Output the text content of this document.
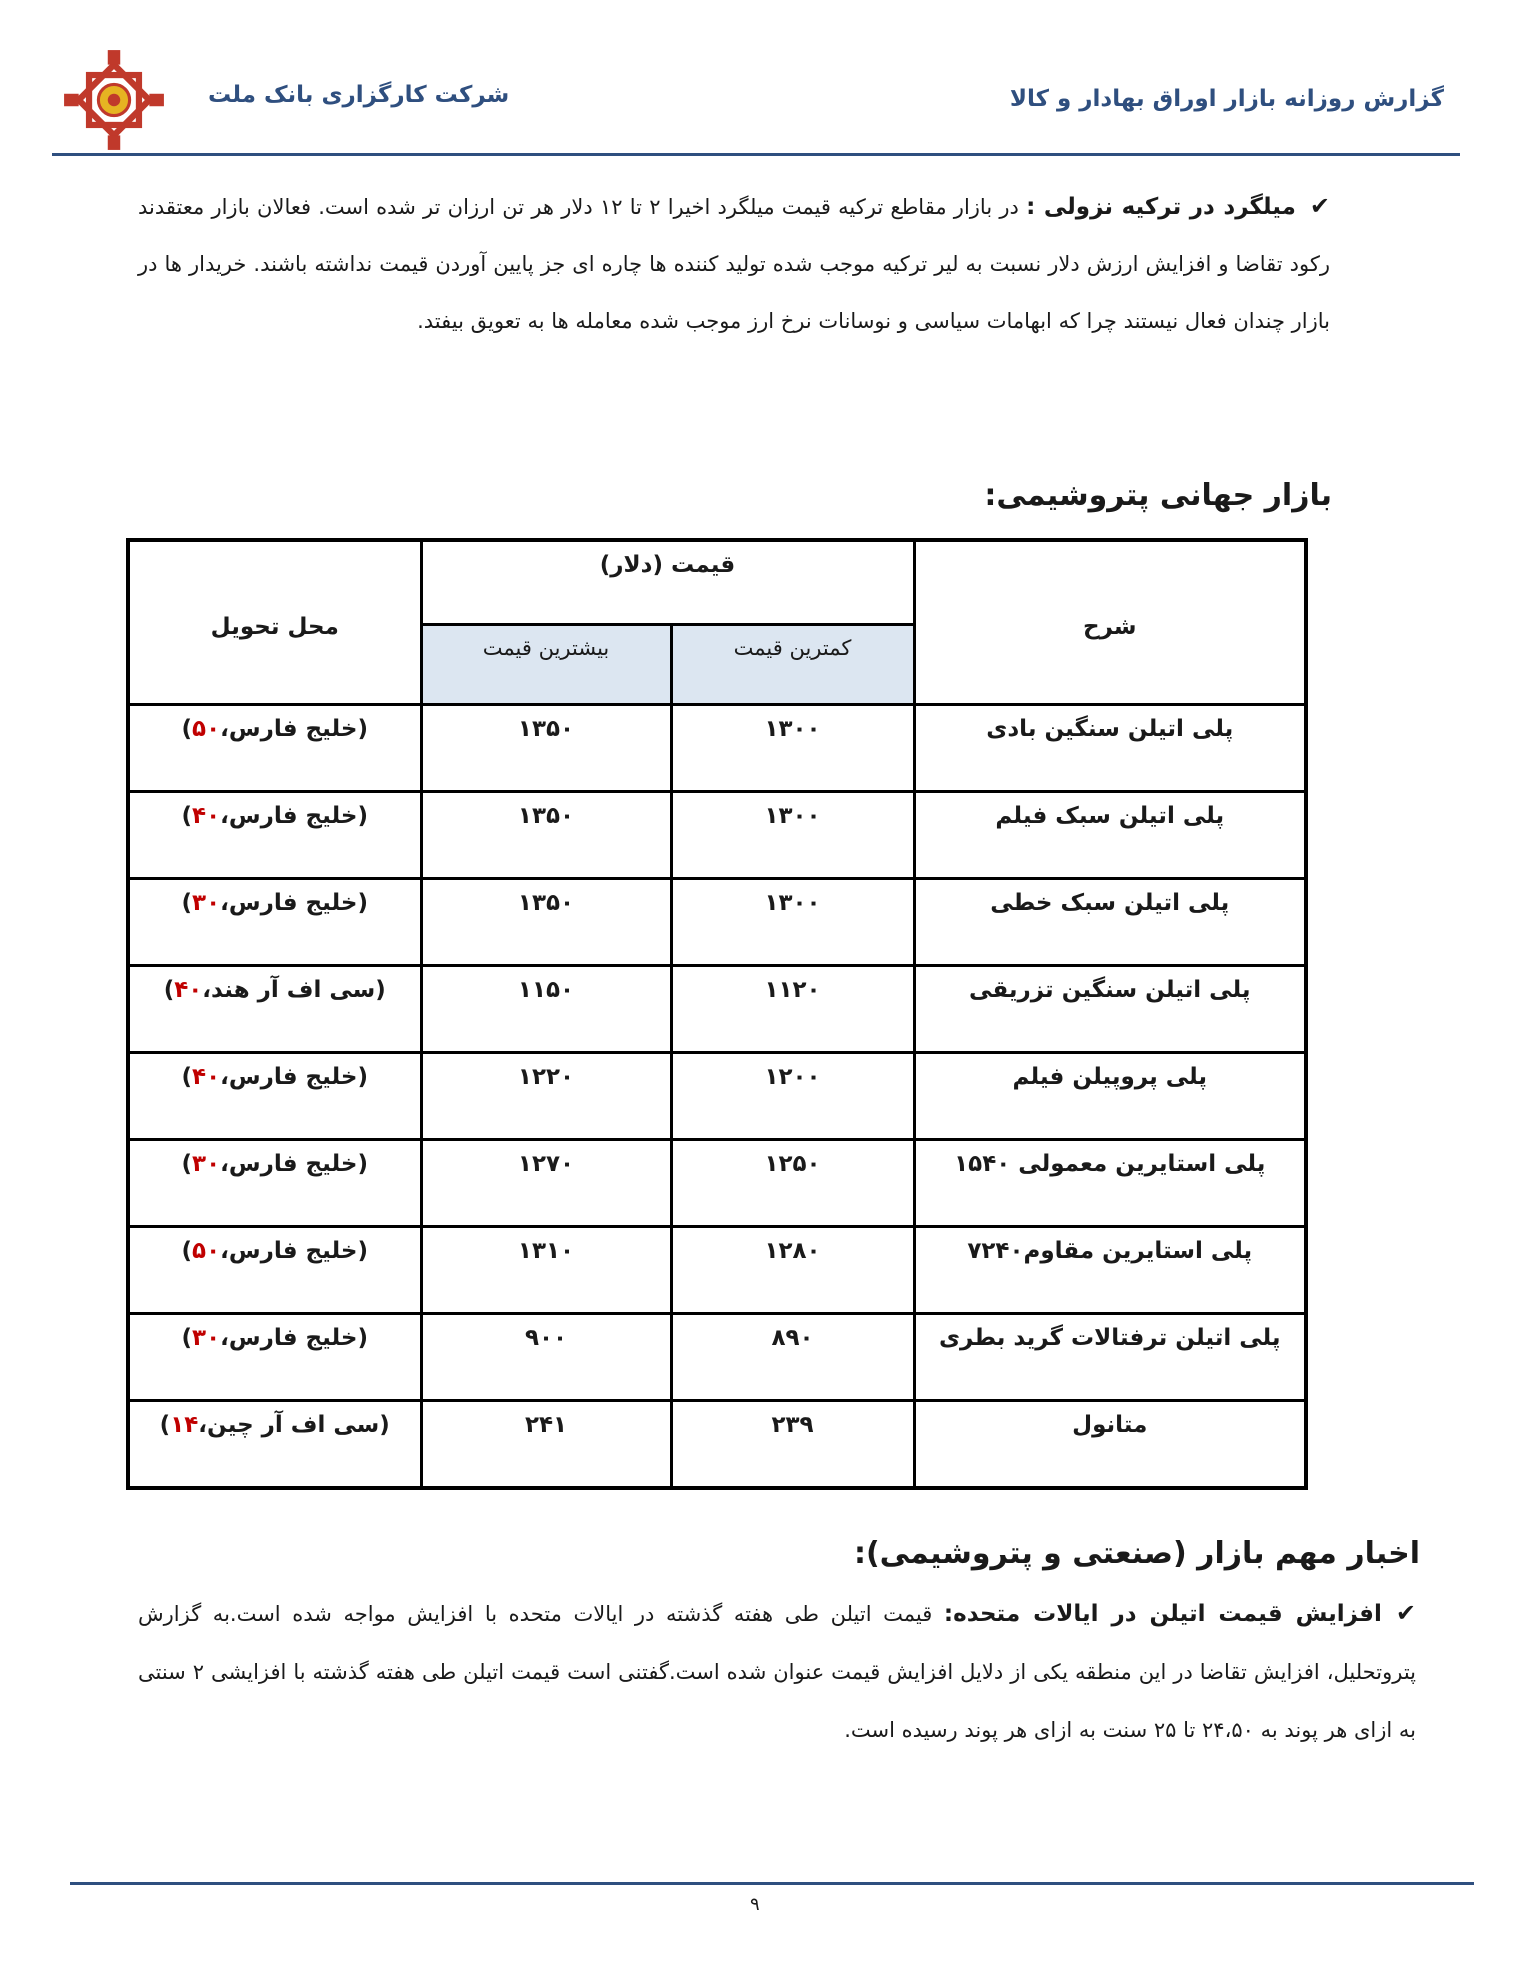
شرکت کارگزاری بانک ملت	گزارش روزانه بازار اوراق بهادار و کالا
✔میلگرد در ترکیه نزولی : در بازار مقاطع ترکیه قیمت میلگرد اخیرا ۲ تا ۱۲ دلار هر تن ارزان تر شده است. فعالان بازار معتقدند رکود تقاضا و افزایش ارزش دلار نسبت به لیر ترکیه موجب شده تولید کننده ها چاره ای جز پایین آوردن قیمت نداشته باشند. خریدار ها در بازار چندان فعال نیستند چرا که ابهامات سیاسی و نوسانات نرخ ارز موجب شده معامله ها به تعویق بیفتد.
بازار جهانی پتروشیمی:
شرح	قیمت (دلار)		محل تحویل
	کمترین قیمت	بیشترین قیمت	
پلی اتیلن سنگین بادی	۱۳۰۰	۱۳۵۰	(خلیج فارس،۵۰)
پلی اتیلن سبک فیلم	۱۳۰۰	۱۳۵۰	(خلیج فارس،۴۰)
پلی اتیلن سبک خطی	۱۳۰۰	۱۳۵۰	(خلیج فارس،۳۰)
پلی اتیلن سنگین تزریقی	۱۱۲۰	۱۱۵۰	(سی اف آر هند،۴۰)
پلی پروپیلن فیلم	۱۲۰۰	۱۲۲۰	(خلیج فارس،۴۰)
پلی استایرین معمولی ۱۵۴۰	۱۲۵۰	۱۲۷۰	(خلیج فارس،۳۰)
پلی استایرین مقاوم۷۲۴۰	۱۲۸۰	۱۳۱۰	(خلیج فارس،۵۰)
پلی اتیلن ترفتالات گرید بطری	۸۹۰	۹۰۰	(خلیج فارس،۳۰)
متانول	۲۳۹	۲۴۱	(سی اف آر چین،۱۴)
اخبار مهم بازار (صنعتی و پتروشیمی):
✔افزایش قیمت اتیلن در ایالات متحده: قیمت اتیلن طی هفته گذشته در ایالات متحده با افزایش مواجه شده است.به گزارش پتروتحلیل، افزایش تقاضا در این منطقه یکی از دلایل افزایش قیمت عنوان شده است.گفتنی است قیمت اتیلن طی هفته گذشته با افزایشی ۲ سنتی به ازای هر پوند به ۲۴،۵۰ تا ۲۵ سنت به ازای هر پوند رسیده است.
۹
